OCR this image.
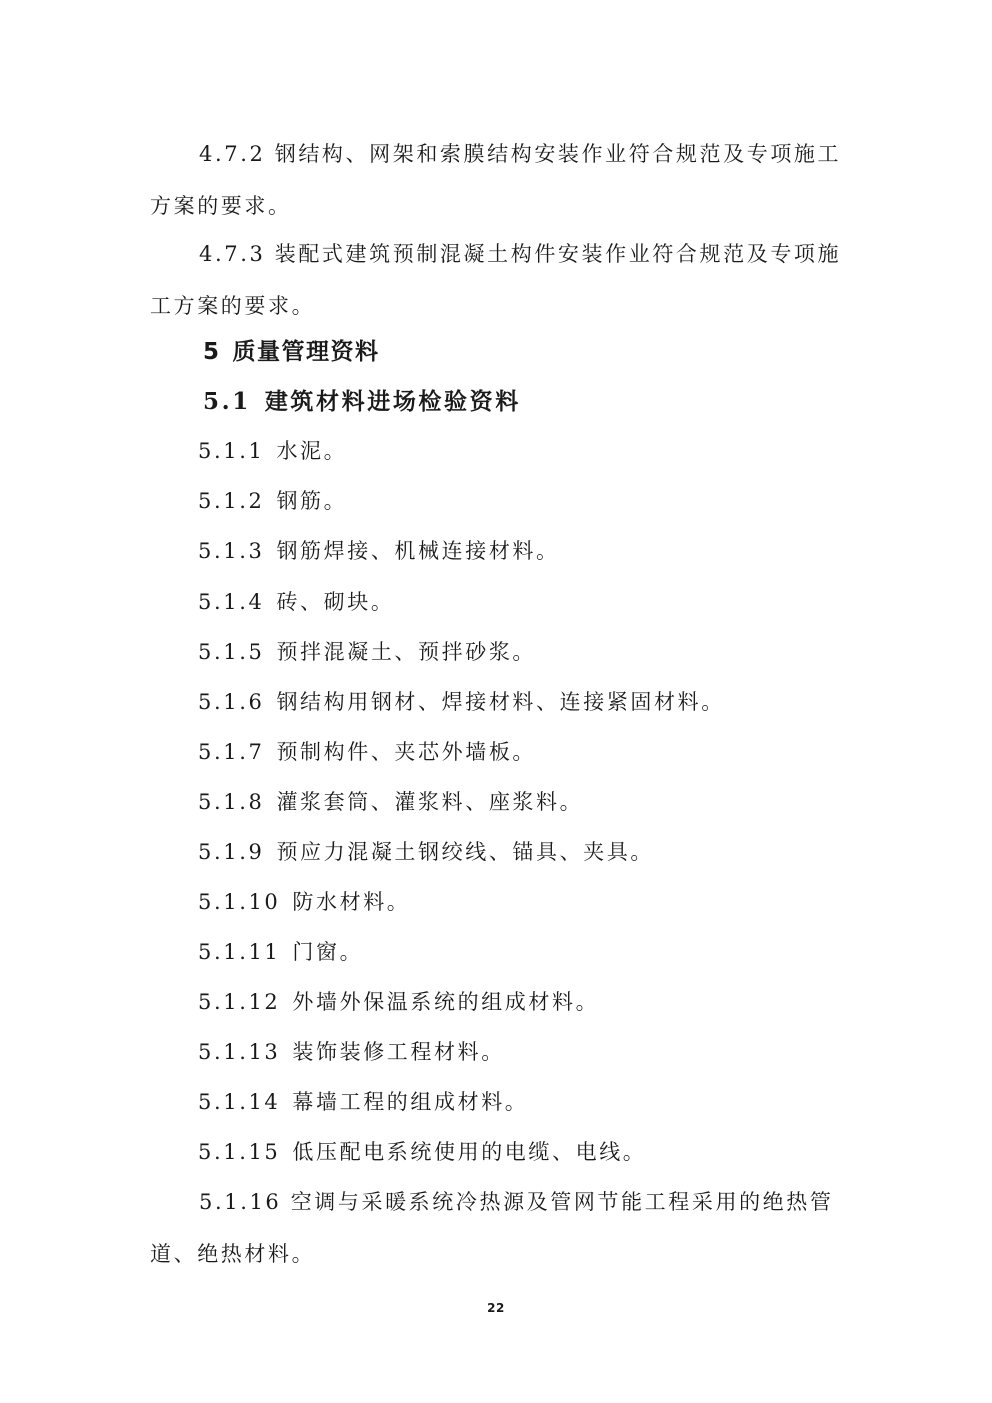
4.7.2 钢结构、网架和索膜结构安装作业符合规范及专项施工方案的要求。

4.7.3 装配式建筑预制混凝土构件安装作业符合规范及专项施工方案的要求。

5 质量管理资料
5.1 建筑材料进场检验资料

5.1.1 水泥。

5.1.2 钢筋。

5.1.3 钢筋焊接、机械连接材料。

5.1.4 砖、砌块。

5.1.5 预拌混凝土、预拌砂浆。

5.1.6 钢结构用钢材、焊接材料、连接紧固材料。

5.1.7 预制构件、夹芯外墙板。

5.1.8 灌浆套筒、灌浆料、座浆料。

5.1.9 预应力混凝土钢绞线、锚具、夹具。

5.1.10 防水材料。

5.1.11 门窗。

5.1.12 外墙外保温系统的组成材料。

5.1.13 装饰装修工程材料。

5.1.14 幕墙工程的组成材料。

5.1.15 低压配电系统使用的电缆、电线。

5.1.16 空调与采暖系统冷热源及管网节能工程采用的绝热管道、绝热材料。

22
